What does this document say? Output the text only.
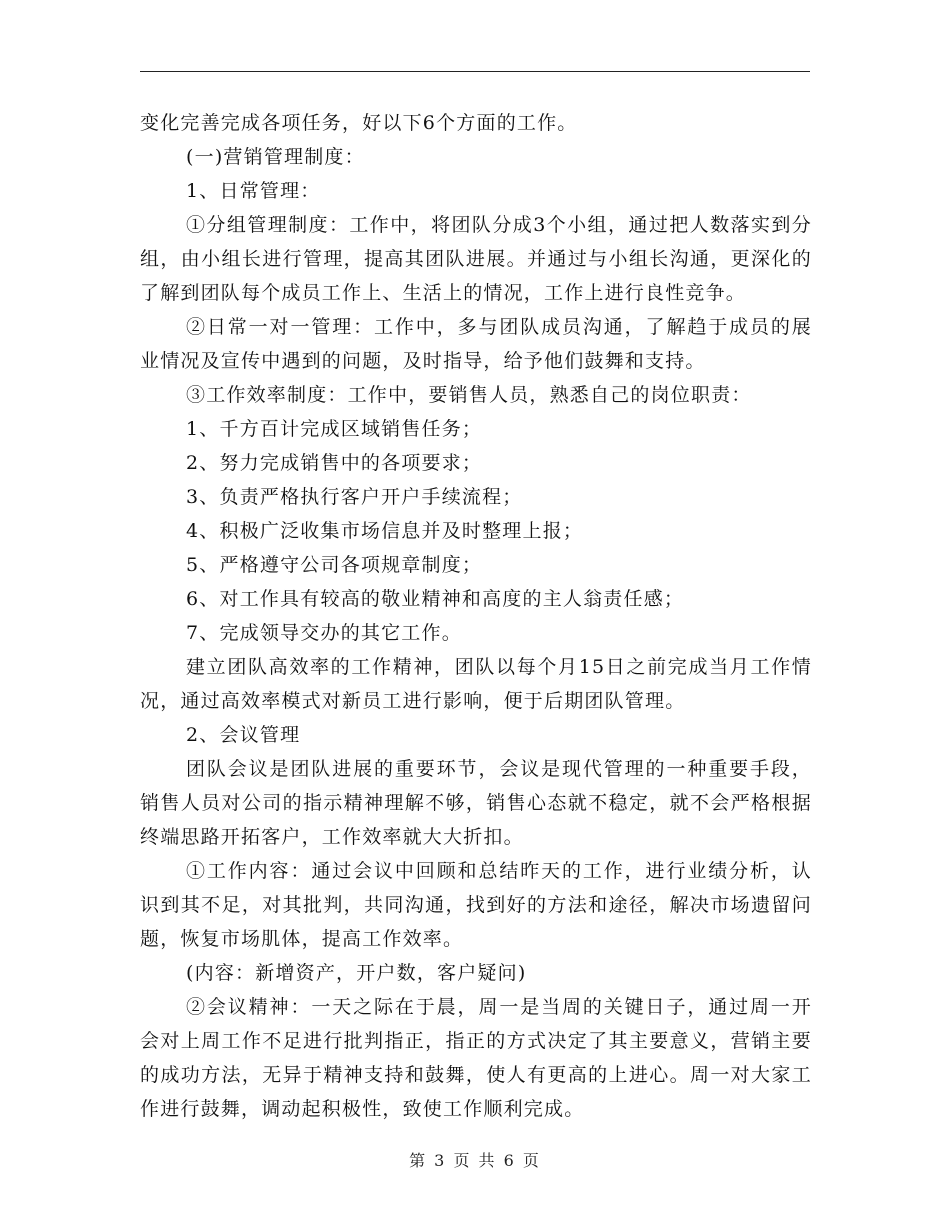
变化完善完成各项任务，好以下6个方面的工作。

(一)营销管理制度：

1、日常管理：

①分组管理制度：工作中，将团队分成3个小组，通过把人数落实到分组，由小组长进行管理，提高其团队进展。并通过与小组长沟通，更深化的了解到团队每个成员工作上、生活上的情况，工作上进行良性竞争。

②日常一对一管理：工作中，多与团队成员沟通，了解趋于成员的展业情况及宣传中遇到的问题，及时指导，给予他们鼓舞和支持。

③工作效率制度：工作中，要销售人员，熟悉自己的岗位职责：

1、千方百计完成区域销售任务；

2、努力完成销售中的各项要求；

3、负责严格执行客户开户手续流程；

4、积极广泛收集市场信息并及时整理上报；

5、严格遵守公司各项规章制度；

6、对工作具有较高的敬业精神和高度的主人翁责任感；

7、完成领导交办的其它工作。

建立团队高效率的工作精神，团队以每个月15日之前完成当月工作情况，通过高效率模式对新员工进行影响，便于后期团队管理。

2、会议管理

团队会议是团队进展的重要环节，会议是现代管理的一种重要手段，销售人员对公司的指示精神理解不够，销售心态就不稳定，就不会严格根据终端思路开拓客户，工作效率就大大折扣。

①工作内容：通过会议中回顾和总结昨天的工作，进行业绩分析，认识到其不足，对其批判，共同沟通，找到好的方法和途径，解决市场遗留问题，恢复市场肌体，提高工作效率。

(内容：新增资产，开户数，客户疑问)

②会议精神：一天之际在于晨，周一是当周的关键日子，通过周一开会对上周工作不足进行批判指正，指正的方式决定了其主要意义，营销主要的成功方法，无异于精神支持和鼓舞，使人有更高的上进心。周一对大家工作进行鼓舞，调动起积极性，致使工作顺利完成。

第 3 页 共 6 页
